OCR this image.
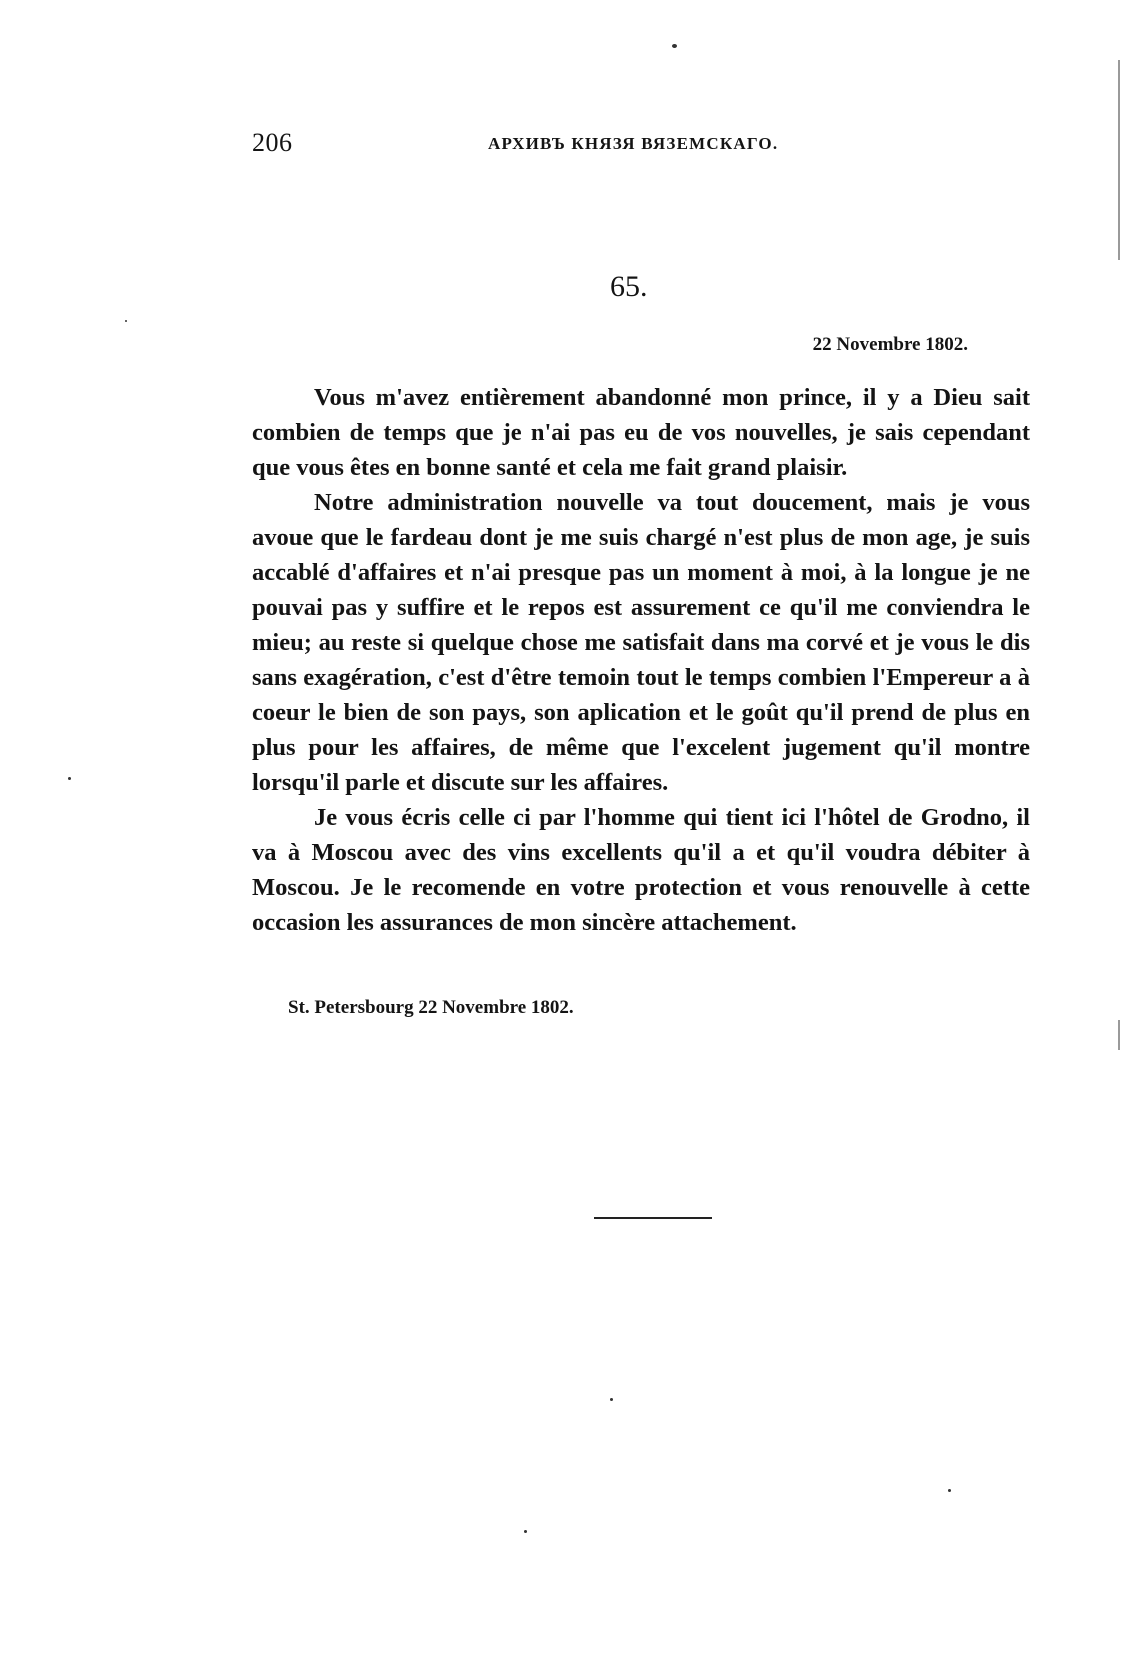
206	АРХИВЪ КНЯЗЯ ВЯЗЕМСКАГО.
65.
22 Novembre 1802.

Vous m'avez entièrement abandonné mon prince, il y a Dieu sait combien de temps que je n'ai pas eu de vos nouvelles, je sais cependant que vous êtes en bonne santé et cela me fait grand plaisir.

Notre administration nouvelle va tout doucement, mais je vous avoue que le fardeau dont je me suis chargé n'est plus de mon age, je suis accablé d'affaires et n'ai presque pas un moment à moi, à la longue je ne pouvai pas y suffire et le repos est assurement ce qu'il me conviendra le mieu; au reste si quelque chose me satisfait dans ma corvé et je vous le dis sans exagération, c'est d'être temoin tout le temps combien l'Empereur a à coeur le bien de son pays, son aplication et le goût qu'il prend de plus en plus pour les affaires, de même que l'excelent jugement qu'il montre lorsqu'il parle et discute sur les affaires.

Je vous écris celle ci par l'homme qui tient ici l'hôtel de Grodno, il va à Moscou avec des vins excellents qu'il a et qu'il voudra débiter à Moscou. Je le recomende en votre protection et vous renouvelle à cette occasion les assurances de mon sincère attachement.

St. Petersbourg 22 Novembre 1802.
